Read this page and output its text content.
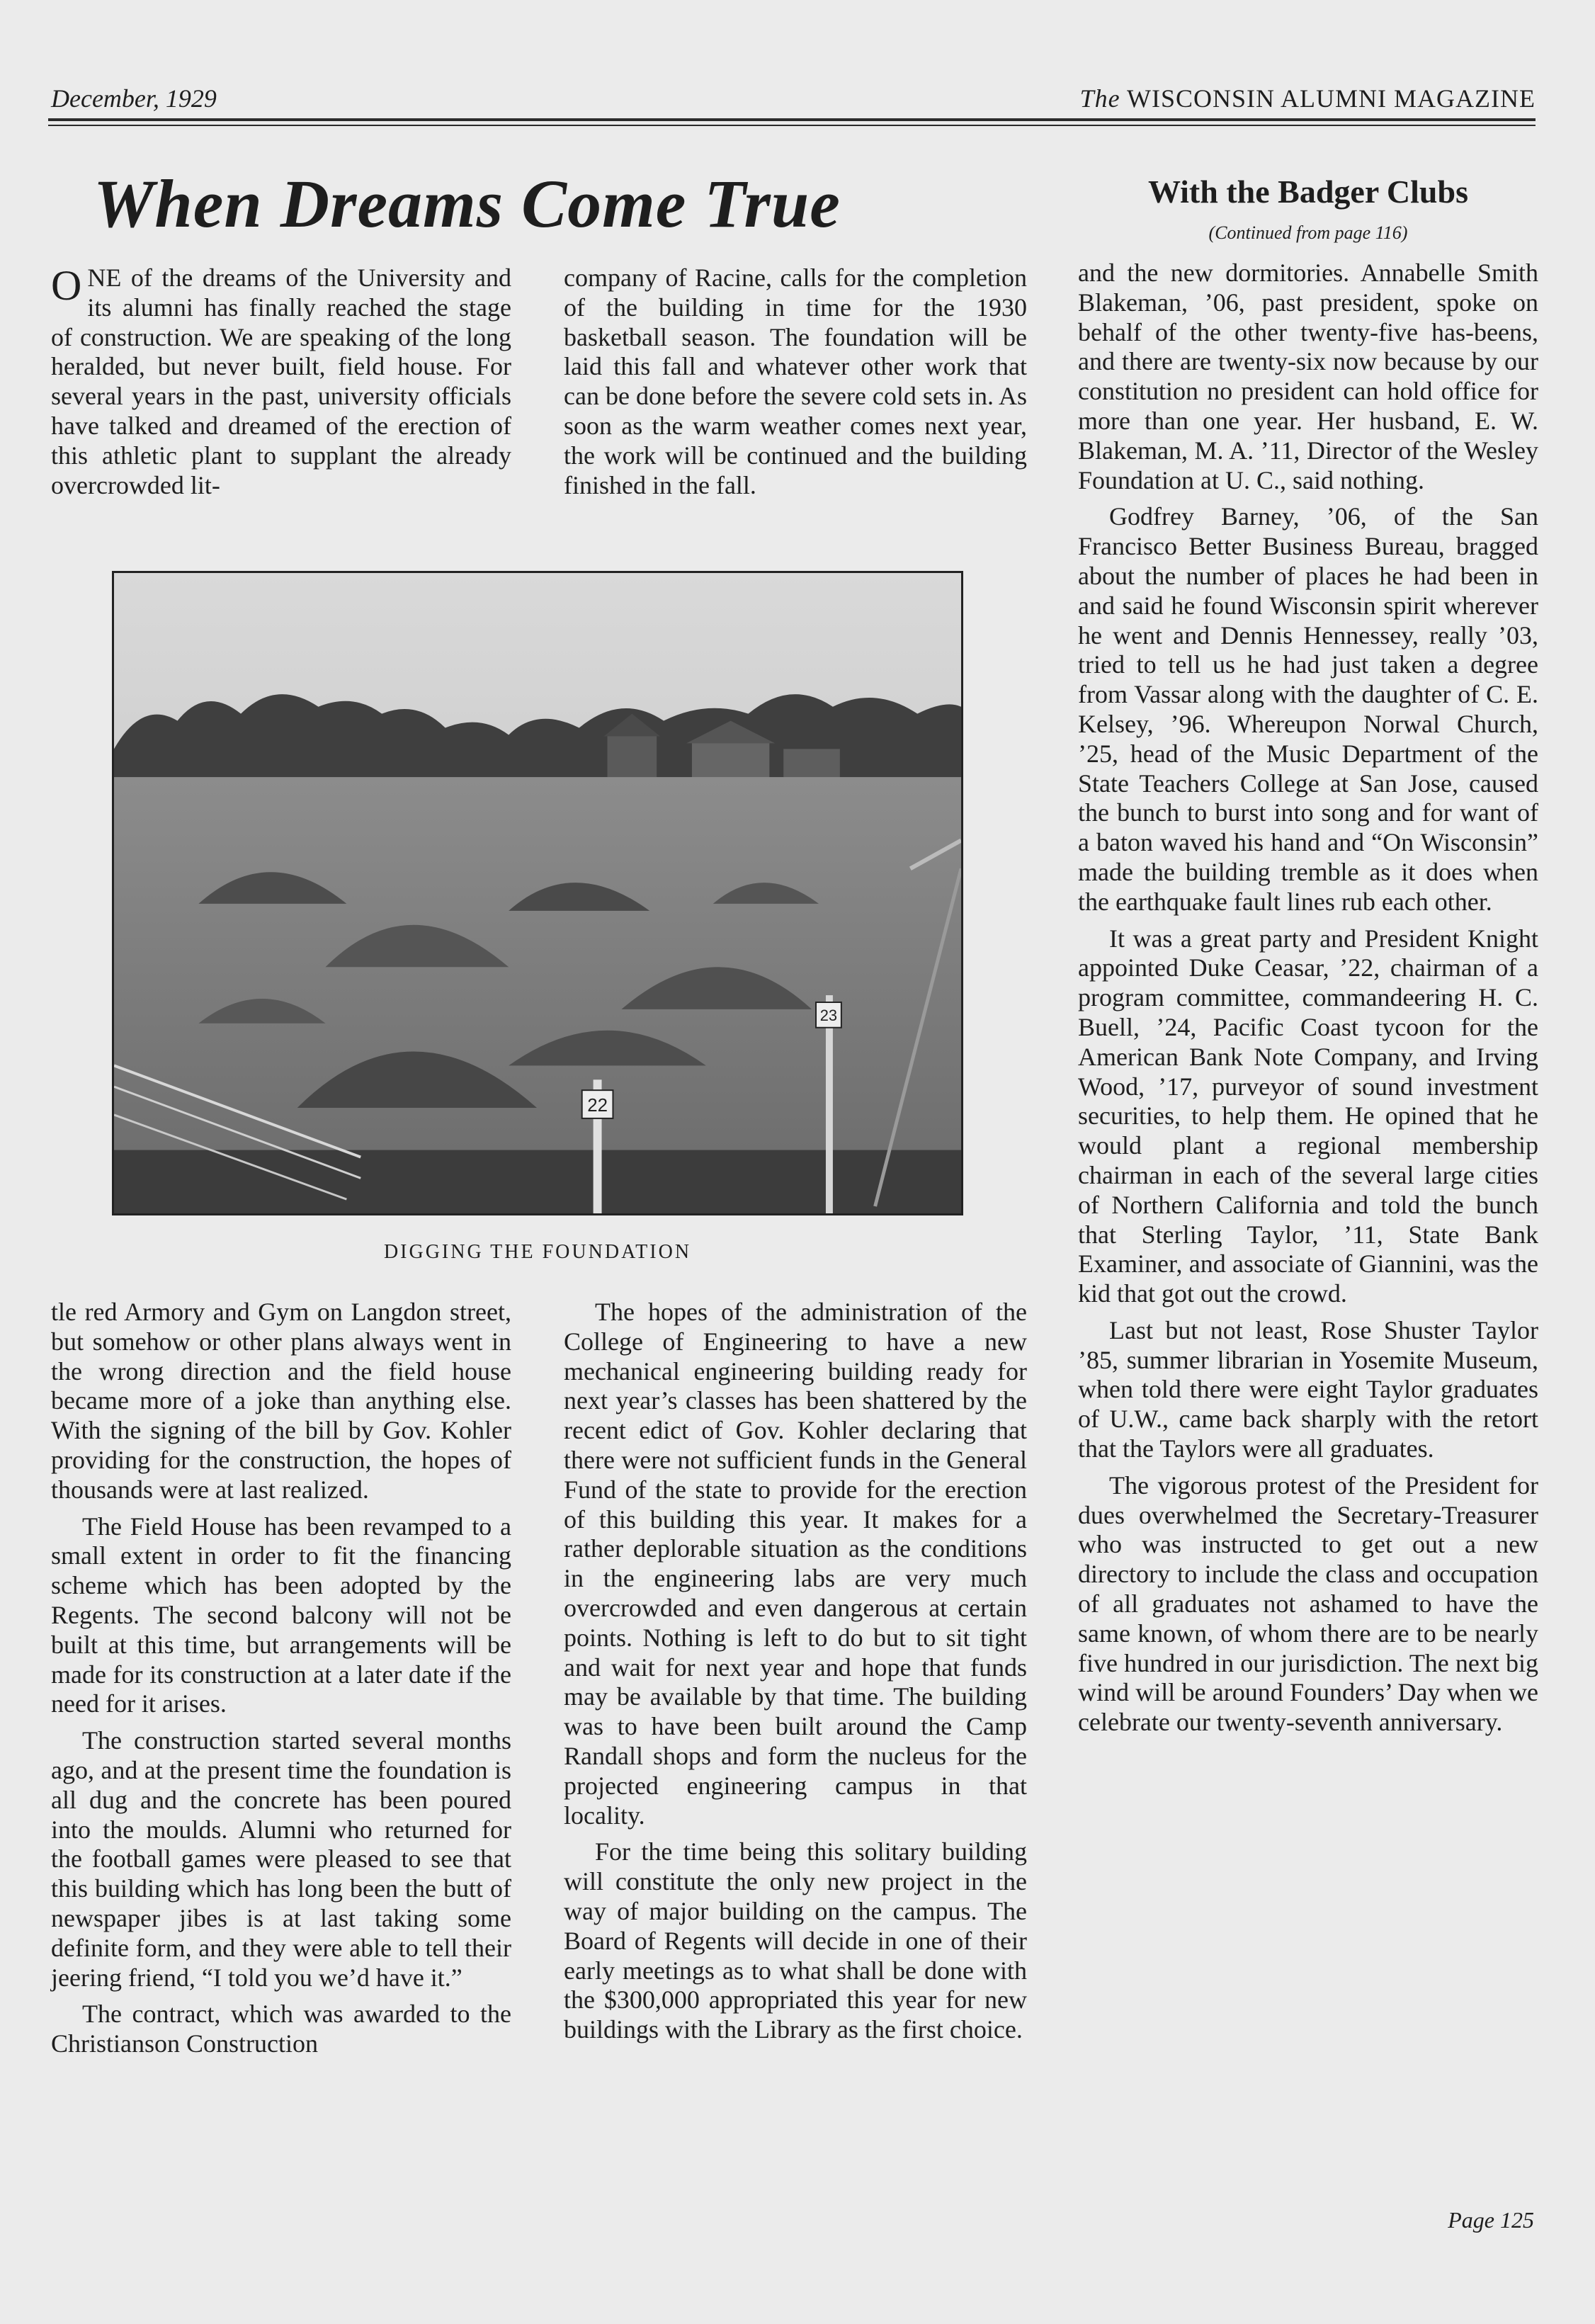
December, 1929	The WISCONSIN ALUMNI MAGAZINE
When Dreams Come True

ONE of the dreams of the University and its alumni has finally reached the stage of construction. We are speaking of the long heralded, but never built, field house. For several years in the past, university officials have talked and dreamed of the erection of this athletic plant to supplant the already overcrowded lit-

company of Racine, calls for the completion of the building in time for the 1930 basketball season. The foundation will be laid this fall and whatever other work that can be done before the severe cold sets in. As soon as the warm weather comes next year, the work will be continued and the building finished in the fall.

22
23
DIGGING THE FOUNDATION

tle red Armory and Gym on Langdon street, but somehow or other plans always went in the wrong direction and the field house became more of a joke than anything else. With the signing of the bill by Gov. Kohler providing for the construction, the hopes of thousands were at last realized.

The Field House has been revamped to a small extent in order to fit the financing scheme which has been adopted by the Regents. The second balcony will not be built at this time, but arrangements will be made for its construction at a later date if the need for it arises.

The construction started several months ago, and at the present time the foundation is all dug and the concrete has been poured into the moulds. Alumni who returned for the football games were pleased to see that this building which has long been the butt of newspaper jibes is at last taking some definite form, and they were able to tell their jeering friend, “I told you we’d have it.”

The contract, which was awarded to the Christianson Construction

The hopes of the administration of the College of Engineering to have a new mechanical engineering building ready for next year’s classes has been shattered by the recent edict of Gov. Kohler declaring that there were not sufficient funds in the General Fund of the state to provide for the erection of this building this year. It makes for a rather deplorable situation as the conditions in the engineering labs are very much overcrowded and even dangerous at certain points. Nothing is left to do but to sit tight and wait for next year and hope that funds may be available by that time. The building was to have been built around the Camp Randall shops and form the nucleus for the projected engineering campus in that locality.

For the time being this solitary building will constitute the only new project in the way of major building on the campus. The Board of Regents will decide in one of their early meetings as to what shall be done with the $300,000 appropriated this year for new buildings with the Library as the first choice.

With the Badger Clubs
(Continued from page 116)

and the new dormitories. Annabelle Smith Blakeman, ’06, past president, spoke on behalf of the other twenty-five has-beens, and there are twenty-six now because by our constitution no president can hold office for more than one year. Her husband, E. W. Blakeman, M. A. ’11, Director of the Wesley Foundation at U. C., said nothing.

Godfrey Barney, ’06, of the San Francisco Better Business Bureau, bragged about the number of places he had been in and said he found Wisconsin spirit wherever he went and Dennis Hennessey, really ’03, tried to tell us he had just taken a degree from Vassar along with the daughter of C. E. Kelsey, ’96. Whereupon Norwal Church, ’25, head of the Music Department of the State Teachers College at San Jose, caused the bunch to burst into song and for want of a baton waved his hand and “On Wisconsin” made the building tremble as it does when the earthquake fault lines rub each other.

It was a great party and President Knight appointed Duke Ceasar, ’22, chairman of a program committee, commandeering H. C. Buell, ’24, Pacific Coast tycoon for the American Bank Note Company, and Irving Wood, ’17, purveyor of sound investment securities, to help them. He opined that he would plant a regional membership chairman in each of the several large cities of Northern California and told the bunch that Sterling Taylor, ’11, State Bank Examiner, and associate of Giannini, was the kid that got out the crowd.

Last but not least, Rose Shuster Taylor ’85, summer librarian in Yosemite Museum, when told there were eight Taylor graduates of U.W., came back sharply with the retort that the Taylors were all graduates.

The vigorous protest of the President for dues overwhelmed the Secretary-Treasurer who was instructed to get out a new directory to include the class and occupation of all graduates not ashamed to have the same known, of whom there are to be nearly five hundred in our jurisdiction. The next big wind will be around Founders’ Day when we celebrate our twenty-seventh anniversary.

Page 125
